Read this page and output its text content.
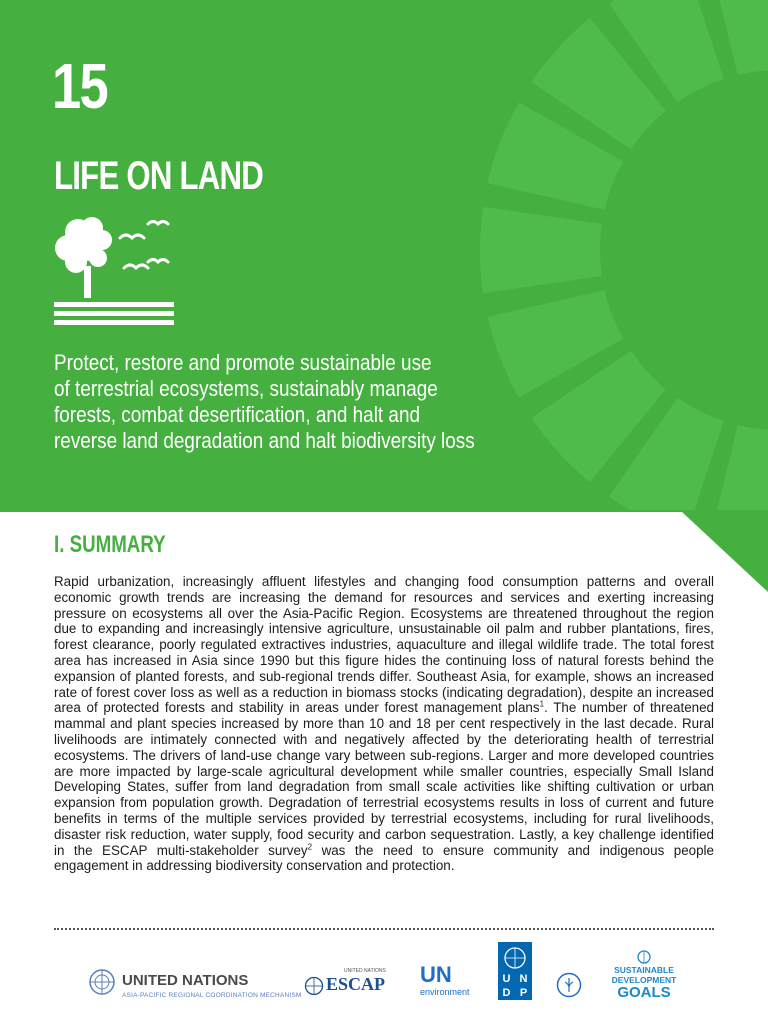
15
LIFE ON LAND
Protect, restore and promote sustainable use
of terrestrial ecosystems, sustainably manage
forests, combat desertification, and halt and
reverse land degradation and halt biodiversity loss
I. SUMMARY

Rapid urbanization, increasingly affluent lifestyles and changing food consumption patterns and overall economic growth trends are increasing the demand for resources and services and exerting increasing pressure on ecosystems all over the Asia-Pacific Region. Ecosystems are threatened throughout the region due to expanding and increasingly intensive agriculture, unsustainable oil palm and rubber plantations, fires, forest clearance, poorly regulated extractives industries, aquaculture and illegal wildlife trade. The total forest area has increased in Asia since 1990 but this figure hides the continuing loss of natural forests behind the expansion of planted forests, and sub-regional trends differ. Southeast Asia, for example, shows an increased rate of forest cover loss as well as a reduction in biomass stocks (indicating degradation), despite an increased area of protected forests and stability in areas under forest management plans$^1$. The number of threatened mammal and plant species increased by more than 10 and 18 per cent respectively in the last decade. Rural livelihoods are intimately connected with and negatively affected by the deteriorating health of terrestrial ecosystems. The drivers of land-use change vary between sub-regions. Larger and more developed countries are more impacted by large-scale agricultural development while smaller countries, especially Small Island Developing States, suffer from land degradation from small scale activities like shifting cultivation or urban expansion from population growth. Degradation of terrestrial ecosystems results in loss of current and future benefits in terms of the multiple services provided by terrestrial ecosystems, including for rural livelihoods, disaster risk reduction, water supply, food security and carbon sequestration. Lastly, a key challenge identified in the ESCAP multi-stakeholder survey$^2$ was the need to ensure community and indigenous people engagement in addressing biodiversity conservation and protection.

UNITED NATIONS
ASIA-PACIFIC REGIONAL COORDINATION MECHANISM
UNITED NATIONS
ESCAP UN
environment
U N
D P
SUSTAINABLE
DEVELOPMENT
GOALS
